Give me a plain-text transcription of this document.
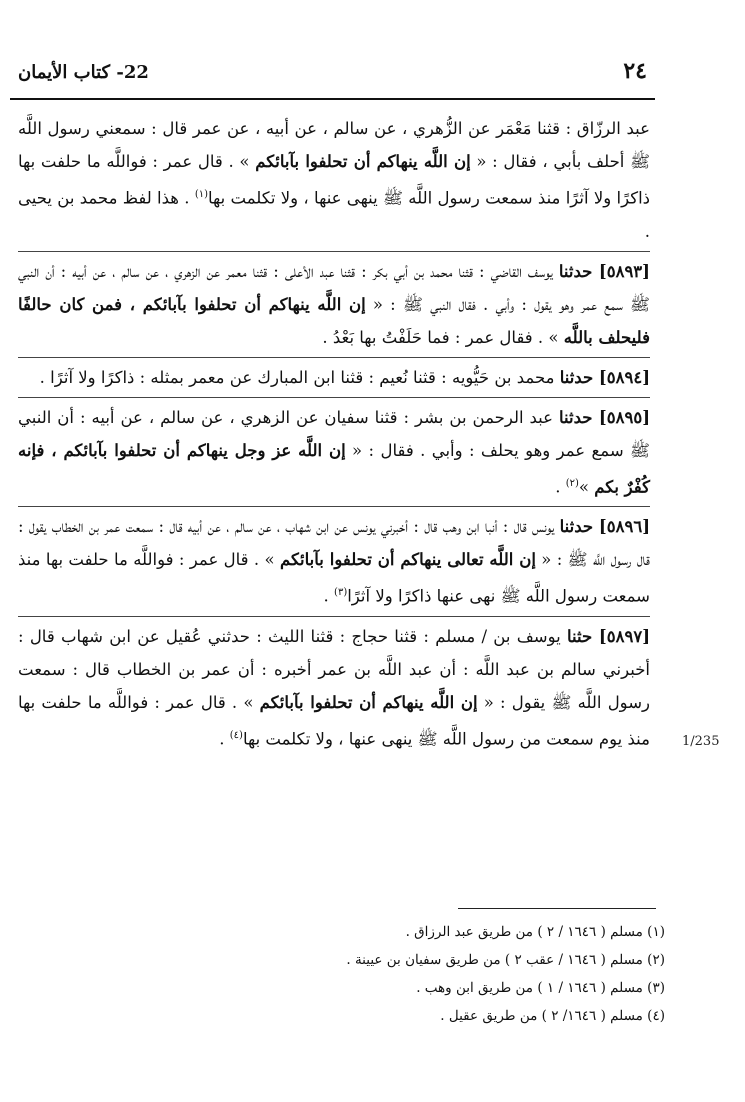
٢٤
22- كتاب الأيمان

عبد الرزّاق : قثنا مَعْمَر عن الزُّهري ، عن سالم ، عن أبيه ، عن عمر قال : سمعني رسول اللَّه ﷺ أحلف بأبي ، فقال : « إن اللَّه ينهاكم أن تحلفوا بآبائكم » . قال عمر : فواللَّه ما حلفت بها ذاكرًا ولا آثرًا منذ سمعت رسول اللَّه ﷺ ينهى عنها ، ولا تكلمت بها$^{(١)}$ . هذا لفظ محمد بن يحيى .

[٥٨٩٣] حدثنا يوسف القاضي : قثنا محمد بن أبي بكر : قثنا عبد الأعلى : قثنا معمر عن الزهري ، عن سالم ، عن أبيه : أن النبي ﷺ سمع عمر وهو يقول : وأبي . فقال النبي ﷺ : « إن اللَّه ينهاكم أن تحلفوا بآبائكم ، فمن كان حالفًا فليحلف باللَّه » . فقال عمر : فما حَلَفْتُ بها بَعْدُ .

[٥٨٩٤] حدثنا محمد بن حَيُّويه : قثنا نُعيم : قثنا ابن المبارك عن معمر بمثله : ذاكرًا ولا آثرًا .

[٥٨٩٥] حدثنا عبد الرحمن بن بشر : قثنا سفيان عن الزهري ، عن سالم ، عن أبيه : أن النبي ﷺ سمع عمر وهو يحلف : وأبي . فقال : « إن اللَّه عز وجل ينهاكم أن تحلفوا بآبائكم ، فإنه كُفْرٌ بكم »$^{(٢)}$ .

[٥٨٩٦] حدثنا يونس قال : أنبا ابن وهب قال : أخبرني يونس عن ابن شهاب ، عن سالم ، عن أبيه قال : سمعت عمر بن الخطاب يقول : قال رسول اللَّه ﷺ : « إن اللَّه تعالى ينهاكم أن تحلفوا بآبائكم » . قال عمر : فواللَّه ما حلفت بها منذ سمعت رسول اللَّه ﷺ نهى عنها ذاكرًا ولا آثرًا$^{(٣)}$ .

[٥٨٩٧] حثنا يوسف بن / مسلم : قثنا حجاج : قثنا الليث : حدثني عُقيل عن ابن شهاب قال : أخبرني سالم بن عبد اللَّه : أن عبد اللَّه بن عمر أخبره : أن عمر بن الخطاب قال : سمعت رسول اللَّه ﷺ يقول : « إن اللَّه ينهاكم أن تحلفوا بآبائكم » . قال عمر : فواللَّه ما حلفت بها منذ يوم سمعت من رسول اللَّه ﷺ ينهى عنها ، ولا تكلمت بها$^{(٤)}$ .	1/235

(١) مسلم ( ١٦٤٦ / ٢ ) من طريق عبد الرزاق .

(٢) مسلم ( ١٦٤٦ / عقب ٢ ) من طريق سفيان بن عيينة .

(٣) مسلم ( ١٦٤٦ / ١ ) من طريق ابن وهب .

(٤) مسلم ( ١٦٤٦/ ٢ ) من طريق عقيل .
